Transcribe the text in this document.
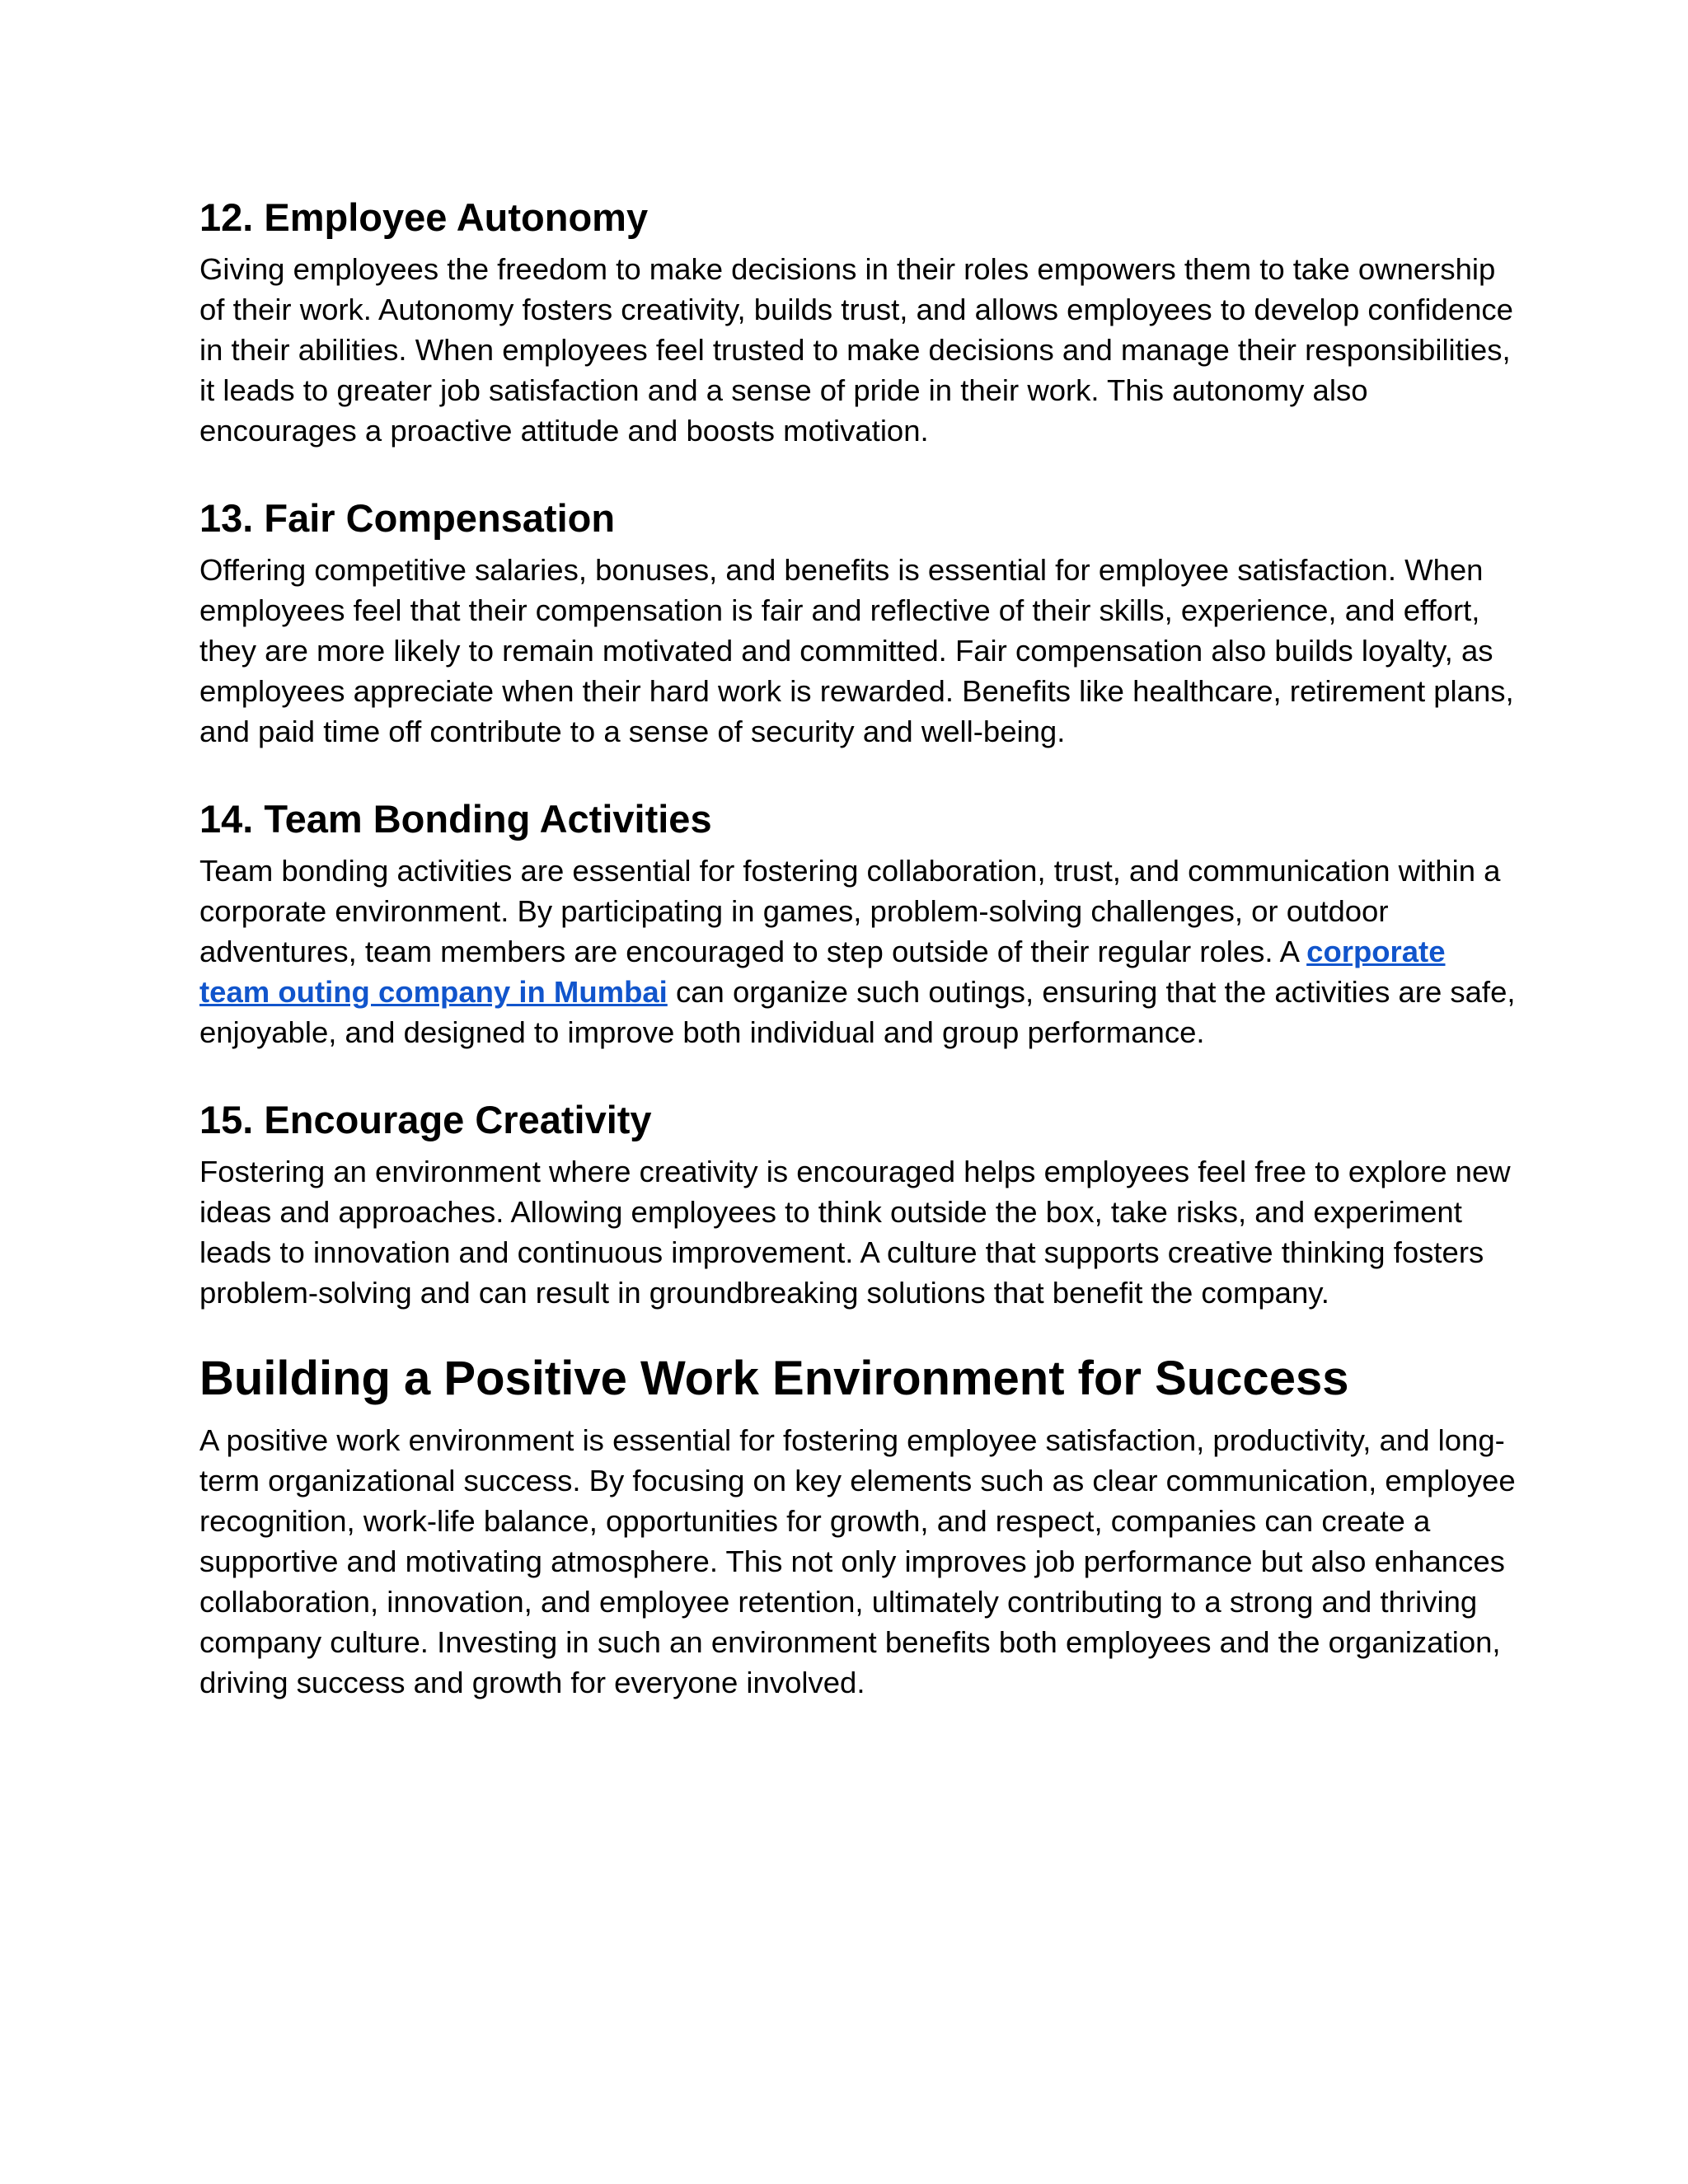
12. Employee Autonomy

Giving employees the freedom to make decisions in their roles empowers them to take ownership of their work. Autonomy fosters creativity, builds trust, and allows employees to develop confidence in their abilities. When employees feel trusted to make decisions and manage their responsibilities, it leads to greater job satisfaction and a sense of pride in their work. This autonomy also encourages a proactive attitude and boosts motivation.

13. Fair Compensation

Offering competitive salaries, bonuses, and benefits is essential for employee satisfaction. When employees feel that their compensation is fair and reflective of their skills, experience, and effort, they are more likely to remain motivated and committed. Fair compensation also builds loyalty, as employees appreciate when their hard work is rewarded. Benefits like healthcare, retirement plans, and paid time off contribute to a sense of security and well-being.

14. Team Bonding Activities

Team bonding activities are essential for fostering collaboration, trust, and communication within a corporate environment. By participating in games, problem-solving challenges, or outdoor adventures, team members are encouraged to step outside of their regular roles. A corporate team outing company in Mumbai can organize such outings, ensuring that the activities are safe, enjoyable, and designed to improve both individual and group performance.

15. Encourage Creativity

Fostering an environment where creativity is encouraged helps employees feel free to explore new ideas and approaches. Allowing employees to think outside the box, take risks, and experiment leads to innovation and continuous improvement. A culture that supports creative thinking fosters problem-solving and can result in groundbreaking solutions that benefit the company.

Building a Positive Work Environment for Success

A positive work environment is essential for fostering employee satisfaction, productivity, and long-term organizational success. By focusing on key elements such as clear communication, employee recognition, work-life balance, opportunities for growth, and respect, companies can create a supportive and motivating atmosphere. This not only improves job performance but also enhances collaboration, innovation, and employee retention, ultimately contributing to a strong and thriving company culture. Investing in such an environment benefits both employees and the organization, driving success and growth for everyone involved.
